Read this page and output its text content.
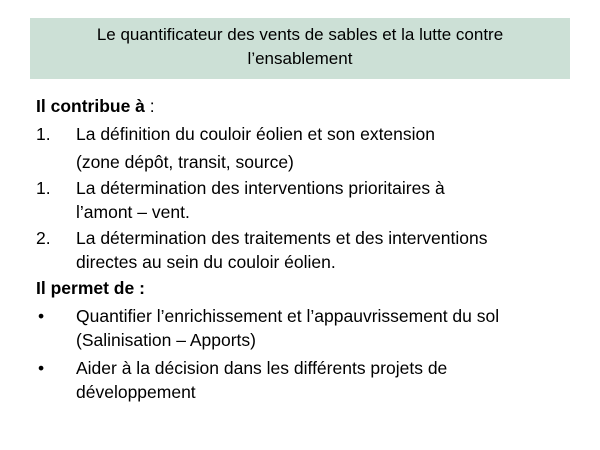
Le quantificateur des vents de sables et la lutte contre
l’ensablement
Il contribue à :
1.	La définition du couloir éolien et son extension
(zone dépôt, transit, source)
1.	La détermination des interventions prioritaires à
l’amont – vent.
2.	La détermination des traitements et des interventions
directes au sein du couloir éolien.
Il permet de :
•	Quantifier l’enrichissement et l’appauvrissement du sol
(Salinisation – Apports)
•	Aider à la décision dans les différents projets de
développement
